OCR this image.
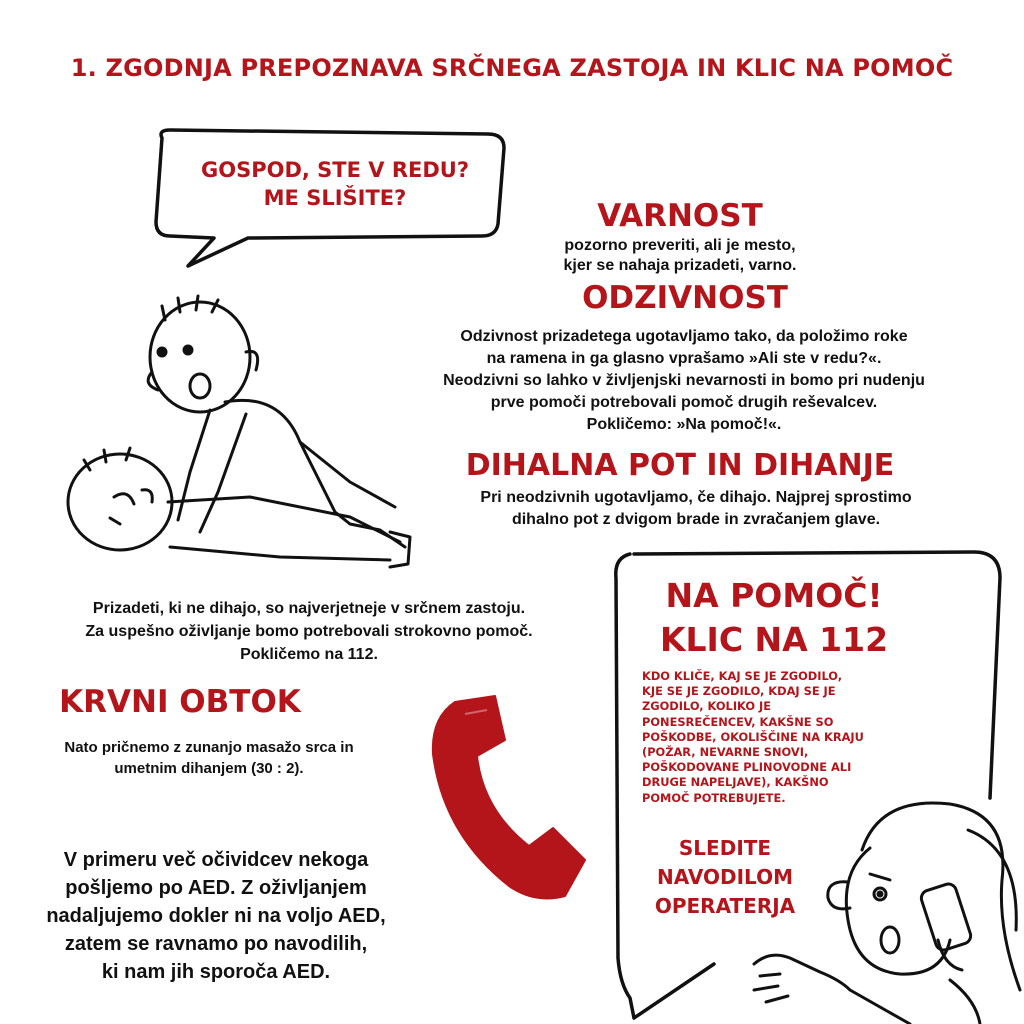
1. ZGODNJA PREPOZNAVA SRČNEGA ZASTOJA IN KLIC NA POMOČ
GOSPOD, STE V REDU?
ME SLIŠITE?	VARNOST
pozorno preveriti, ali je mesto,
kjer se nahaja prizadeti, varno.
ODZIVNOST
Odzivnost prizadetega ugotavljamo tako, da položimo roke
na ramena in ga glasno vprašamo »Ali ste v redu?«.
Neodzivni so lahko v življenjski nevarnosti in bomo pri nudenju
prve pomoči potrebovali pomoč drugih reševalcev.
Pokličemo: »Na pomoč!«.
DIHALNA POT IN DIHANJE
Pri neodzivnih ugotavljamo, če dihajo. Najprej sprostimo
dihalno pot z dvigom brade in zvračanjem glave.
Prizadeti, ki ne dihajo, so najverjetneje v srčnem zastoju.
Za uspešno oživljanje bomo potrebovali strokovno pomoč.
Pokličemo na 112.
KRVNI OBTOK
Nato pričnemo z zunanjo masažo srca in
umetnim dihanjem (30 : 2).
V primeru več očividcev nekoga
pošljemo po AED. Z oživljanjem
nadaljujemo dokler ni na voljo AED,
zatem se ravnamo po navodilih,
ki nam jih sporoča AED.
NA POMOČ!
KLIC NA 112
KDO KLIČE, KAJ SE JE ZGODILO,
KJE SE JE ZGODILO, KDAJ SE JE
ZGODILO, KOLIKO JE
PONESREČENCEV, KAKŠNE SO
POŠKODBE, OKOLIŠČINE NA KRAJU
(POŽAR, NEVARNE SNOVI,
POŠKODOVANE PLINOVODNE ALI
DRUGE NAPELJAVE), KAKŠNO
POMOČ POTREBUJETE.
SLEDITE
NAVODILOM
OPERATERJA
